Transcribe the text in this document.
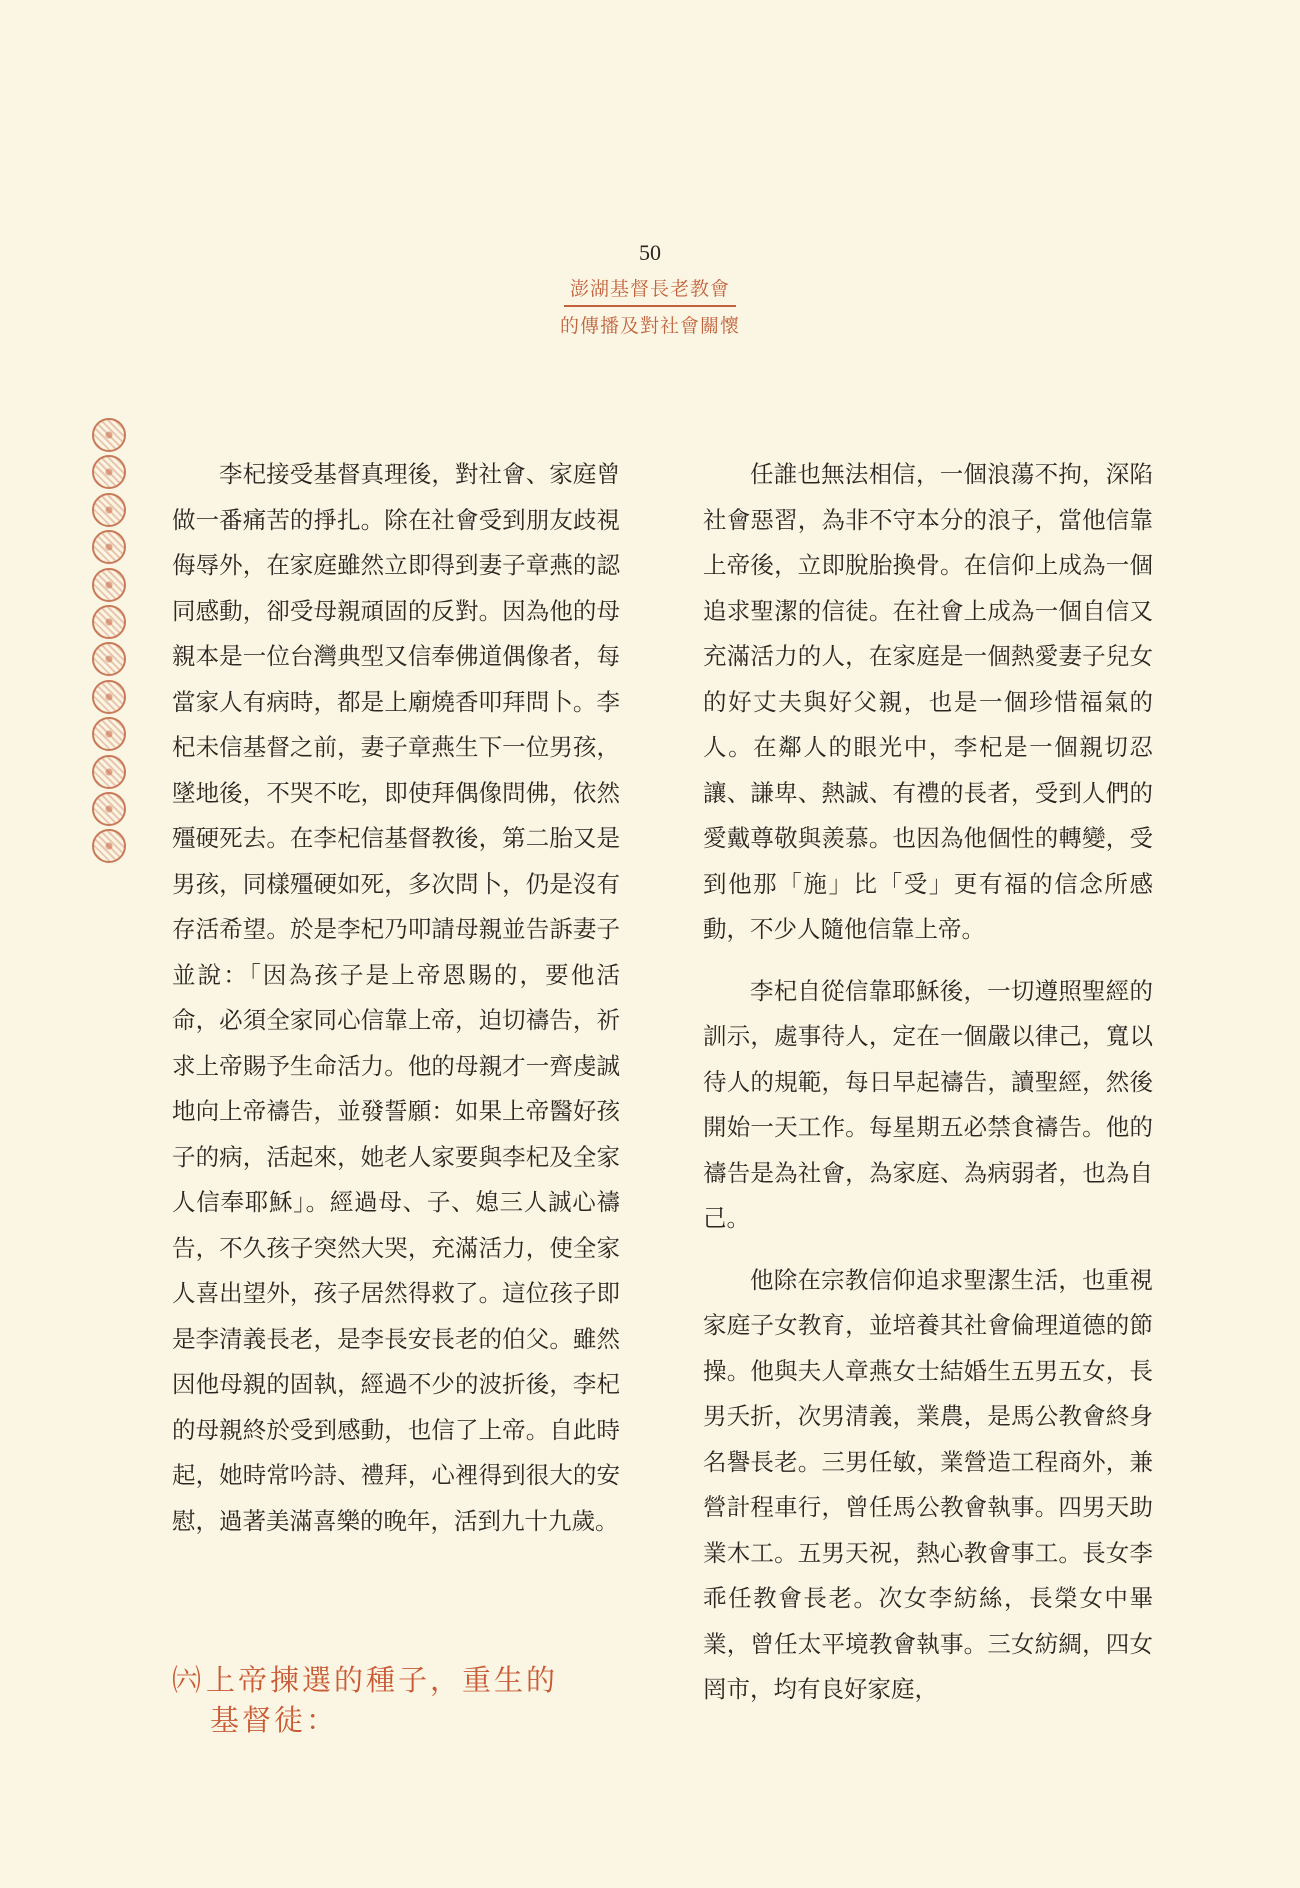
50
澎湖基督長老教會
的傳播及對社會關懷

李杞接受基督真理後，對社會、家庭曾做一番痛苦的掙扎。除在社會受到朋友歧視侮辱外，在家庭雖然立即得到妻子章燕的認同感動，卻受母親頑固的反對。因為他的母親本是一位台灣典型又信奉佛道偶像者，每當家人有病時，都是上廟燒香叩拜問卜。李杞未信基督之前，妻子章燕生下一位男孩，墜地後，不哭不吃，即使拜偶像問佛，依然殭硬死去。在李杞信基督教後，第二胎又是男孩，同樣殭硬如死，多次問卜，仍是沒有存活希望。於是李杞乃叩請母親並告訴妻子並說：「因為孩子是上帝恩賜的，要他活命，必須全家同心信靠上帝，迫切禱告，祈求上帝賜予生命活力。他的母親才一齊虔誠地向上帝禱告，並發誓願：如果上帝醫好孩子的病，活起來，她老人家要與李杞及全家人信奉耶穌」。經過母、子、媳三人誠心禱告，不久孩子突然大哭，充滿活力，使全家人喜出望外，孩子居然得救了。這位孩子即是李清義長老，是李長安長老的伯父。雖然因他母親的固執，經過不少的波折後，李杞的母親終於受到感動，也信了上帝。自此時起，她時常吟詩、禮拜，心裡得到很大的安慰，過著美滿喜樂的晚年，活到九十九歲。

㈥上帝揀選的種子，重生的
基督徒：

任誰也無法相信，一個浪蕩不拘，深陷社會惡習，為非不守本分的浪子，當他信靠上帝後，立即脫胎換骨。在信仰上成為一個追求聖潔的信徒。在社會上成為一個自信又充滿活力的人，在家庭是一個熱愛妻子兒女的好丈夫與好父親，也是一個珍惜福氣的人。在鄰人的眼光中，李杞是一個親切忍讓、謙卑、熱誠、有禮的長者，受到人們的愛戴尊敬與羨慕。也因為他個性的轉變，受到他那「施」比「受」更有福的信念所感動，不少人隨他信靠上帝。

李杞自從信靠耶穌後，一切遵照聖經的訓示，處事待人，定在一個嚴以律己，寬以待人的規範，每日早起禱告，讀聖經，然後開始一天工作。每星期五必禁食禱告。他的禱告是為社會，為家庭、為病弱者，也為自己。

他除在宗教信仰追求聖潔生活，也重視家庭子女教育，並培養其社會倫理道德的節操。他與夫人章燕女士結婚生五男五女，長男夭折，次男清義，業農，是馬公教會終身名譽長老。三男任敏，業營造工程商外，兼營計程車行，曾任馬公教會執事。四男天助業木工。五男天祝，熱心教會事工。長女李乖任教會長老。次女李紡絲，長榮女中畢業，曾任太平境教會執事。三女紡綢，四女罔市，均有良好家庭，
